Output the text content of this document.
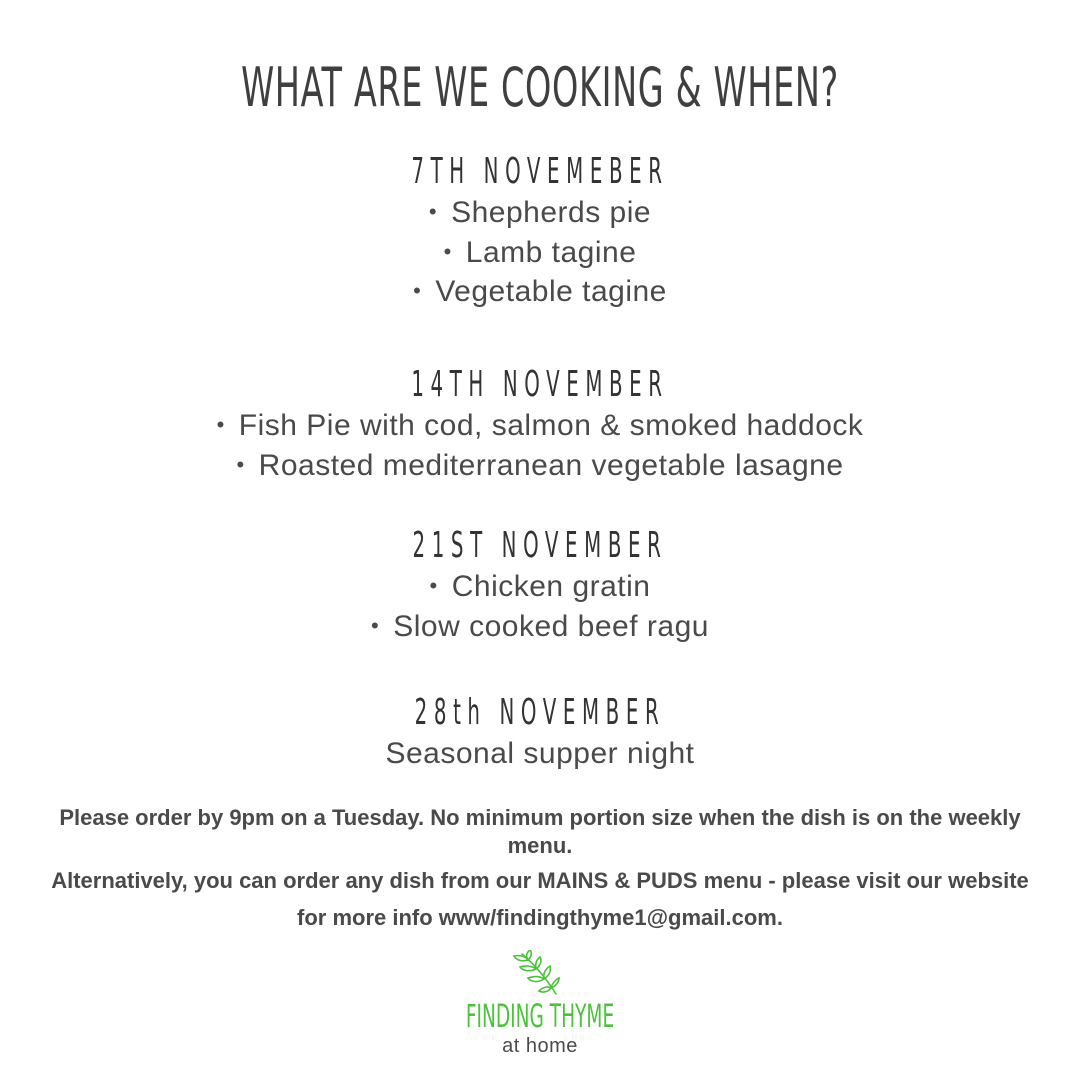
WHAT ARE WE COOKING & WHEN?
7TH NOVEMEBER
• Shepherds pie
• Lamb tagine
• Vegetable tagine
14TH NOVEMBER
• Fish Pie with cod, salmon & smoked haddock
• Roasted mediterranean vegetable lasagne
21ST NOVEMBER
• Chicken gratin
• Slow cooked beef ragu
28th NOVEMBER
Seasonal supper night

Please order by 9pm on a Tuesday. No minimum portion size when the dish is on the weekly menu.

Alternatively, you can order any dish from our MAINS & PUDS menu - please visit our website for more info www/findingthyme1@gmail.com.

FINDING THYME
at home
